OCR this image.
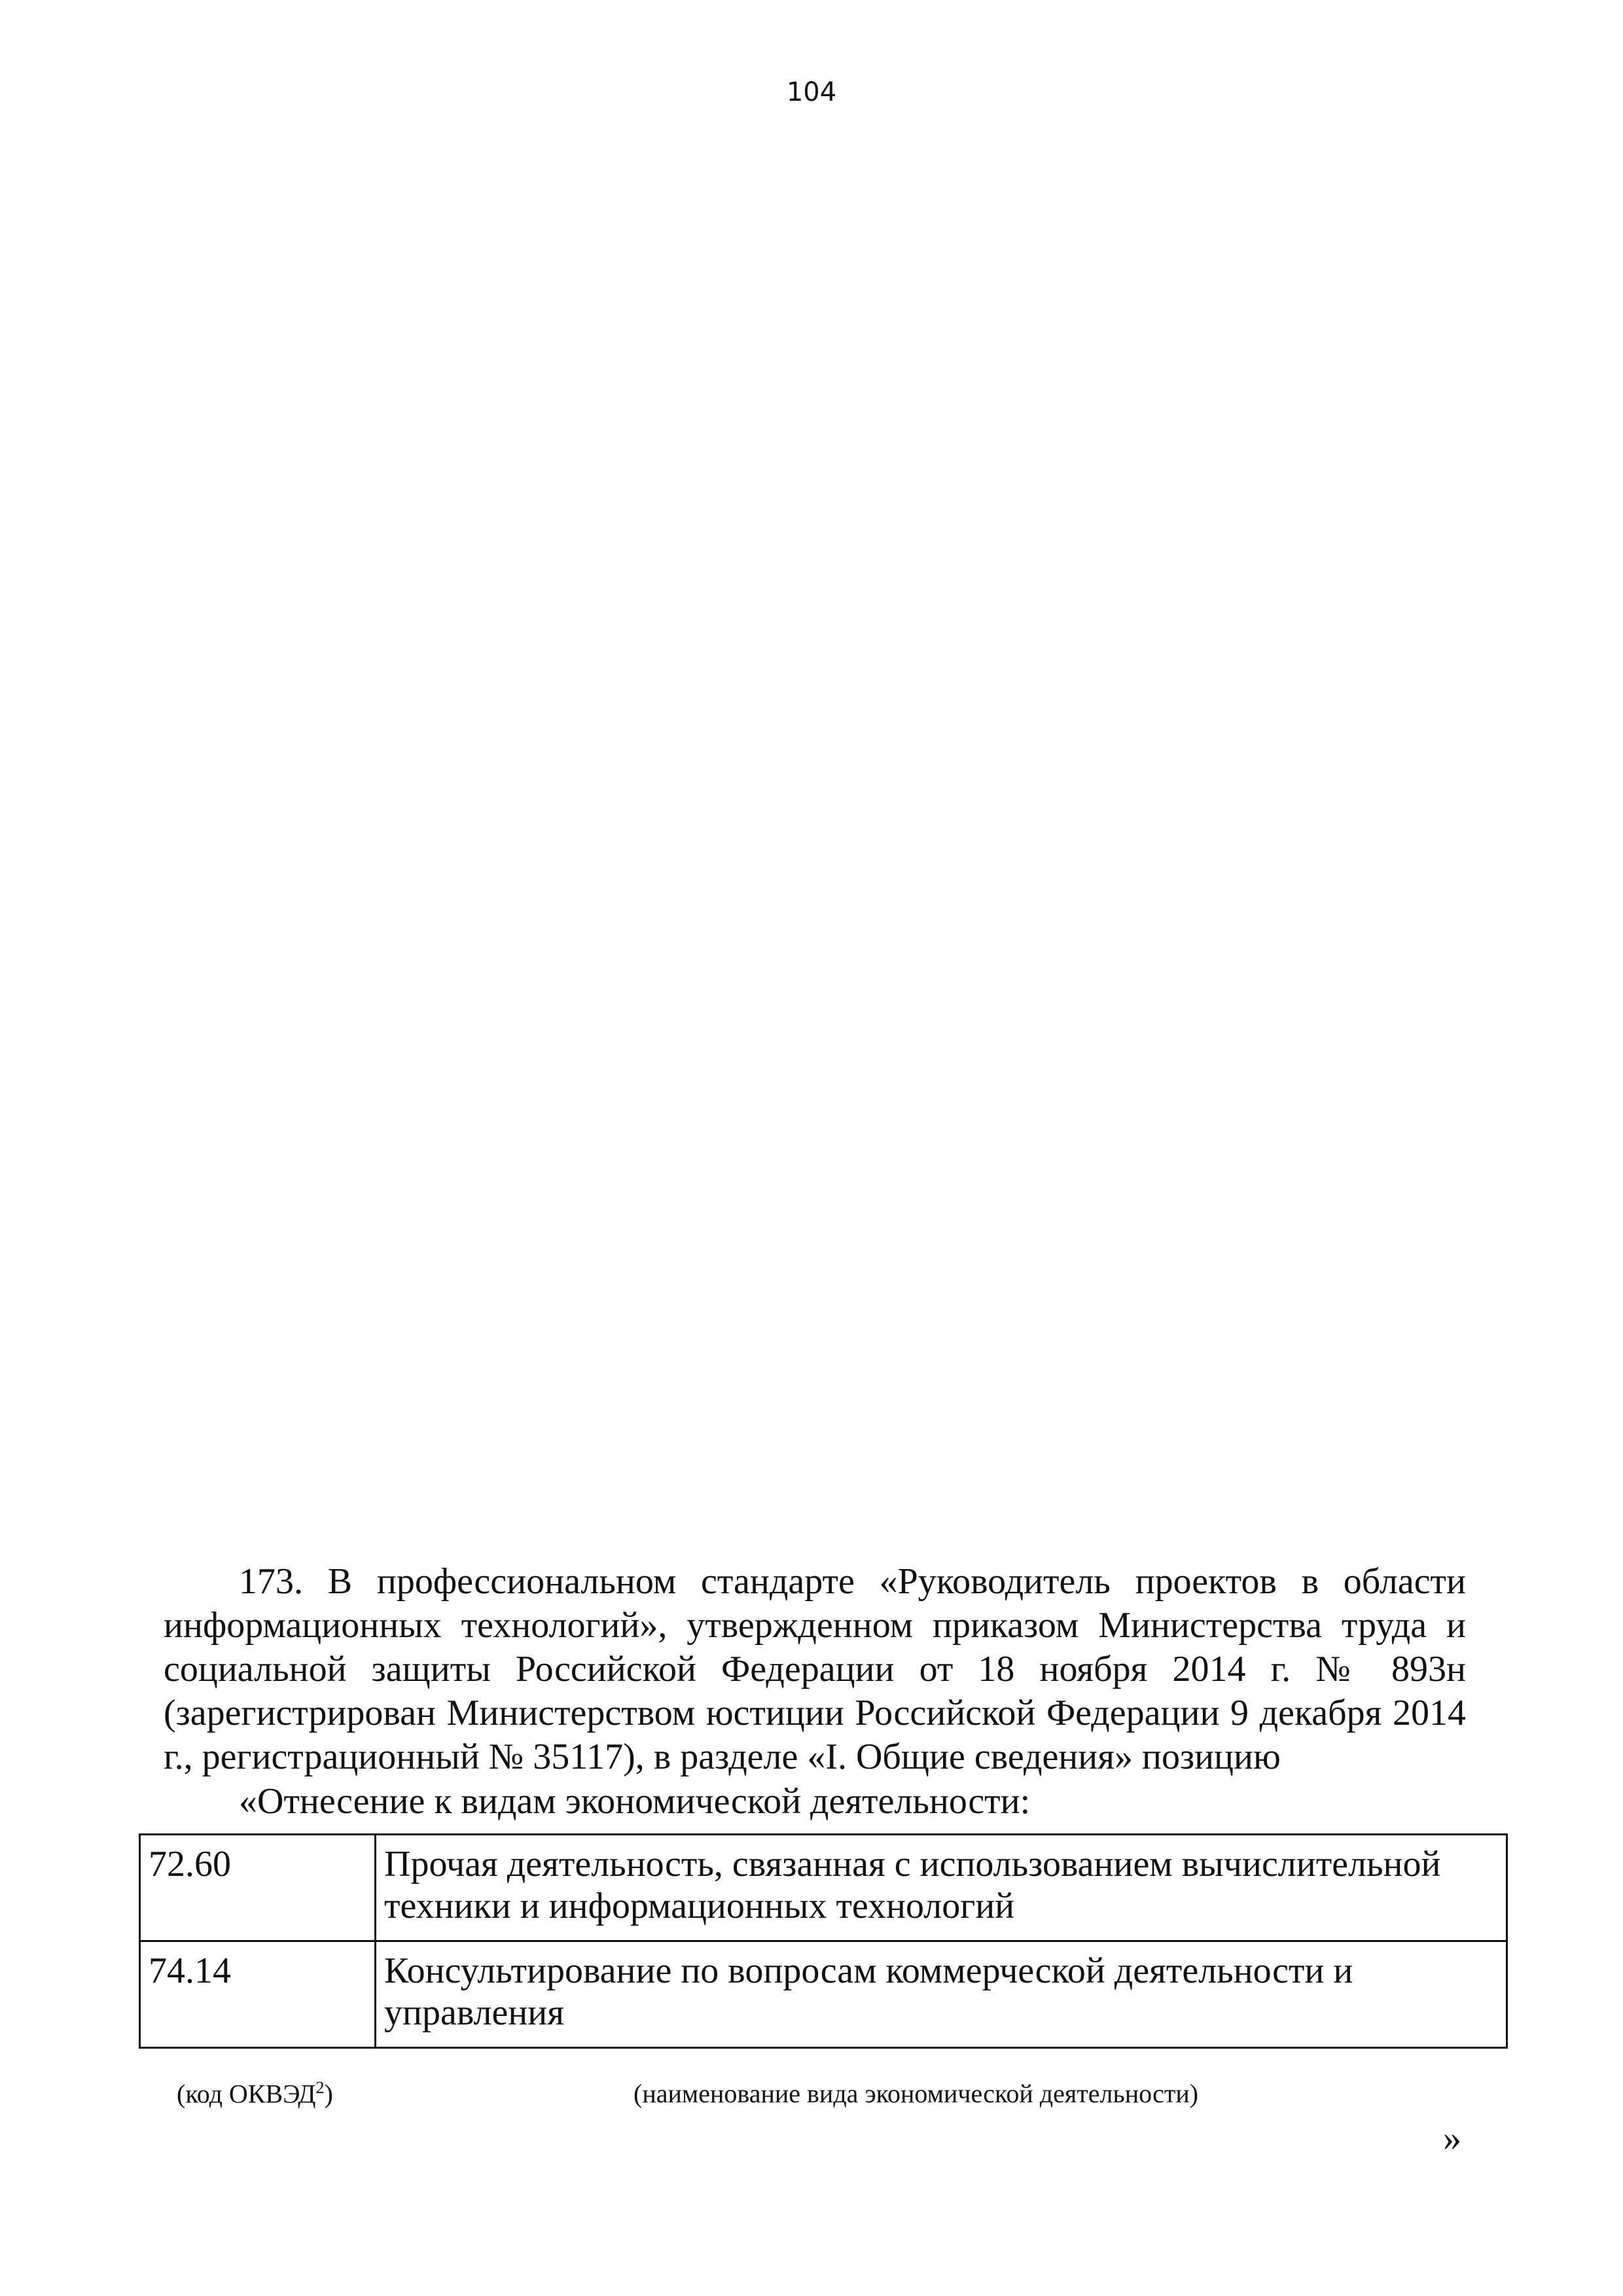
104

173. В профессиональном стандарте «Руководитель проектов в области информационных технологий», утвержденном приказом Министерства труда и социальной защиты Российской Федерации от 18 ноября 2014 г. № 893н (зарегистрирован Министерством юстиции Российской Федерации 9 декабря 2014 г., регистрационный № 35117), в разделе «I. Общие сведения» позицию

«Отнесение к видам экономической деятельности:

72.60	Прочая деятельность, связанная с использованием вычислительной техники и информационных технологий
74.14	Консультирование по вопросам коммерческой деятельности и управления
(код ОКВЭД$^2$)	(наименование вида экономической деятельности)
»
